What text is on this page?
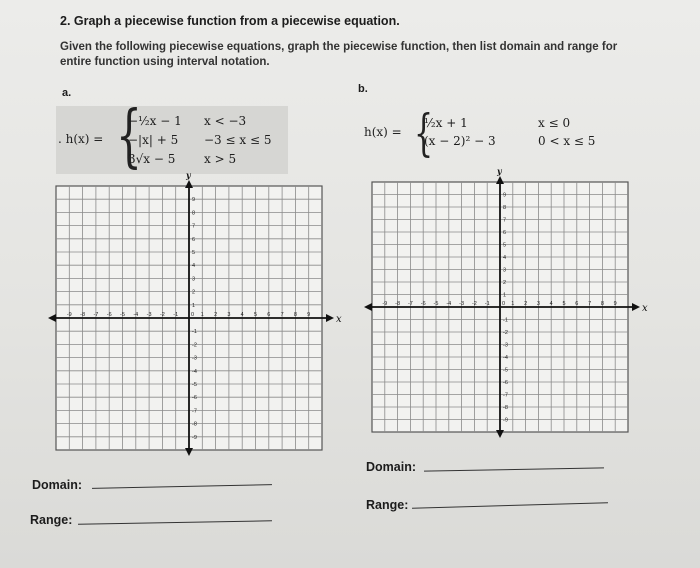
2. Graph a piecewise function from a piecewise equation.
Given the following piecewise equations, graph the piecewise function, then list domain and range for
entire function using interval notation.
a.
. h(x) = {
−½x − 1 x < −3
−|x| + 5 −3 ≤ x ≤ 5
3√x − 5 x > 5
b.
h(x) = {
½x + 1	x ≤ 0
(x − 2)² − 3	0 < x ≤ 5
-9
-9
-8
-8
-7
-7
-6
-6
-5
-5
-4
-4
-3
-3
-2
-2
-1
-1
1
1
2
2
3
3
4
4
5
5
6
6
7
7
8
8
9
9
0	x
y
-9
-9
-8
-8
-7
-7
-6
-6
-5
-5
-4
-4
-3
-3
-2
-2
-1
-1
1
1
2
2
3
3
4
4
5
5
6
6
7
7
8
8
9
9
0	x
y
Domain:
Range:
Domain:
Range:
